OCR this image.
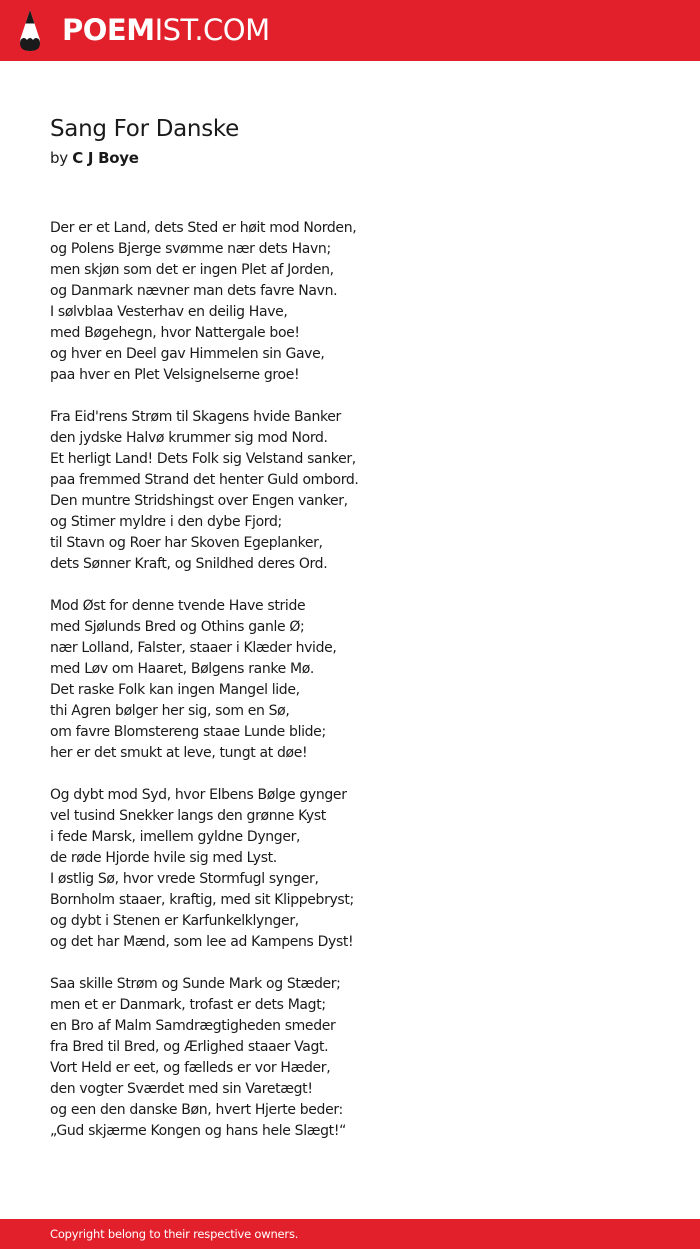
POEMIST.COM
Sang For Danske
by C J Boye
Der er et Land, dets Sted er høit mod Norden,
og Polens Bjerge svømme nær dets Havn;
men skjøn som det er ingen Plet af Jorden,
og Danmark nævner man dets favre Navn.
I sølvblaa Vesterhav en deilig Have,
med Bøgehegn, hvor Nattergale boe!
og hver en Deel gav Himmelen sin Gave,
paa hver en Plet Velsignelserne groe!
Fra Eid'rens Strøm til Skagens hvide Banker
den jydske Halvø krummer sig mod Nord.
Et herligt Land! Dets Folk sig Velstand sanker,
paa fremmed Strand det henter Guld ombord.
Den muntre Stridshingst over Engen vanker,
og Stimer myldre i den dybe Fjord;
til Stavn og Roer har Skoven Egeplanker,
dets Sønner Kraft, og Snildhed deres Ord.
Mod Øst for denne tvende Have stride
med Sjølunds Bred og Othins ganle Ø;
nær Lolland, Falster, staaer i Klæder hvide,
med Løv om Haaret, Bølgens ranke Mø.
Det raske Folk kan ingen Mangel lide,
thi Agren bølger her sig, som en Sø,
om favre Blomstereng staae Lunde blide;
her er det smukt at leve, tungt at døe!
Og dybt mod Syd, hvor Elbens Bølge gynger
vel tusind Snekker langs den grønne Kyst
i fede Marsk, imellem gyldne Dynger,
de røde Hjorde hvile sig med Lyst.
I østlig Sø, hvor vrede Stormfugl synger,
Bornholm staaer, kraftig, med sit Klippebryst;
og dybt i Stenen er Karfunkelklynger,
og det har Mænd, som lee ad Kampens Dyst!
Saa skille Strøm og Sunde Mark og Stæder;
men et er Danmark, trofast er dets Magt;
en Bro af Malm Samdrægtigheden smeder
fra Bred til Bred, og Ærlighed staaer Vagt.
Vort Held er eet, og fælleds er vor Hæder,
den vogter Sværdet med sin Varetægt!
og een den danske Bøn, hvert Hjerte beder:
„Gud skjærme Kongen og hans hele Slægt!“
Copyright belong to their respective owners.
